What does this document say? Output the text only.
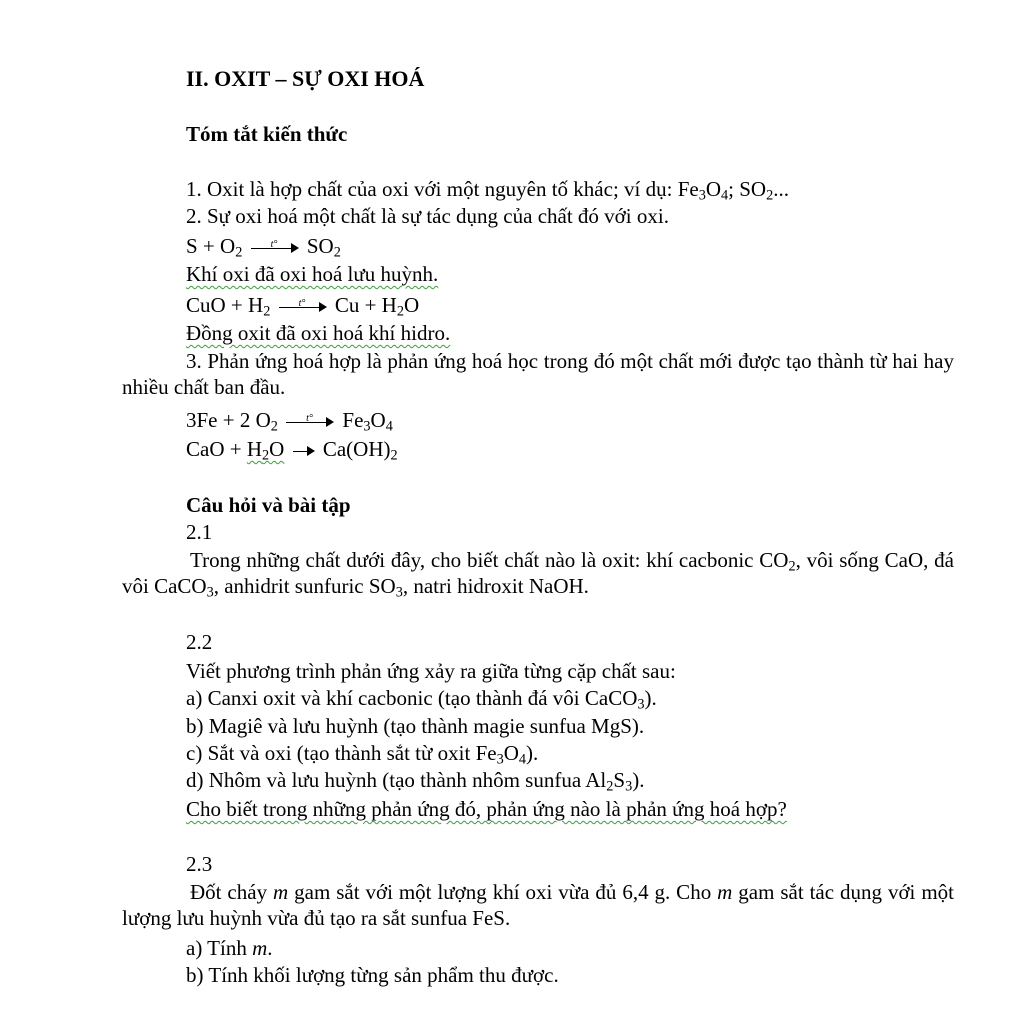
II. OXIT – SỰ OXI HOÁ
Tóm tắt kiến thức
1. Oxit là hợp chất của oxi với một nguyên tố khác; ví dụ: $Fe_3O_4$; $SO_2$...
2. Sự oxi hoá một chất là sự tác dụng của chất đó với oxi.
$S + O_2$	t° $SO_2$
Khí oxi đã oxi hoá lưu huỳnh.
CuO + $H_2$	t° $Cu + H_2O$
Đồng oxit đã oxi hoá khí hidro.
3. Phản ứng hoá hợp là phản ứng hoá học trong đó một chất mới được tạo thành từ hai hay nhiều chất ban đầu.
3Fe + 2 $O_2$	t° $Fe_3O_4$
CaO + $H_2O$
$Ca(OH)_2$
Câu hỏi và bài tập
2.1
Trong những chất dưới đây, cho biết chất nào là oxit: khí cacbonic $CO_2$, vôi sống CaO, đá vôi CaCO$_3$, anhidrit sunfuric $SO_3$, natri hidroxit NaOH.
2.2
Viết phương trình phản ứng xảy ra giữa từng cặp chất sau:
a) Canxi oxit và khí cacbonic (tạo thành đá vôi CaCO$_3$).
b) Magiê và lưu huỳnh (tạo thành magie sunfua MgS).
c) Sắt và oxi (tạo thành sắt từ oxit $Fe_3O_4$).
d) Nhôm và lưu huỳnh (tạo thành nhôm sunfua $Al_2S_3$).
Cho biết trong những phản ứng đó, phản ứng nào là phản ứng hoá hợp?
2.3
Đốt cháy m gam sắt với một lượng khí oxi vừa đủ 6,4 g. Cho m gam sắt tác dụng với một lượng lưu huỳnh vừa đủ tạo ra sắt sunfua FeS.
a) Tính m.
b) Tính khối lượng từng sản phẩm thu được.
